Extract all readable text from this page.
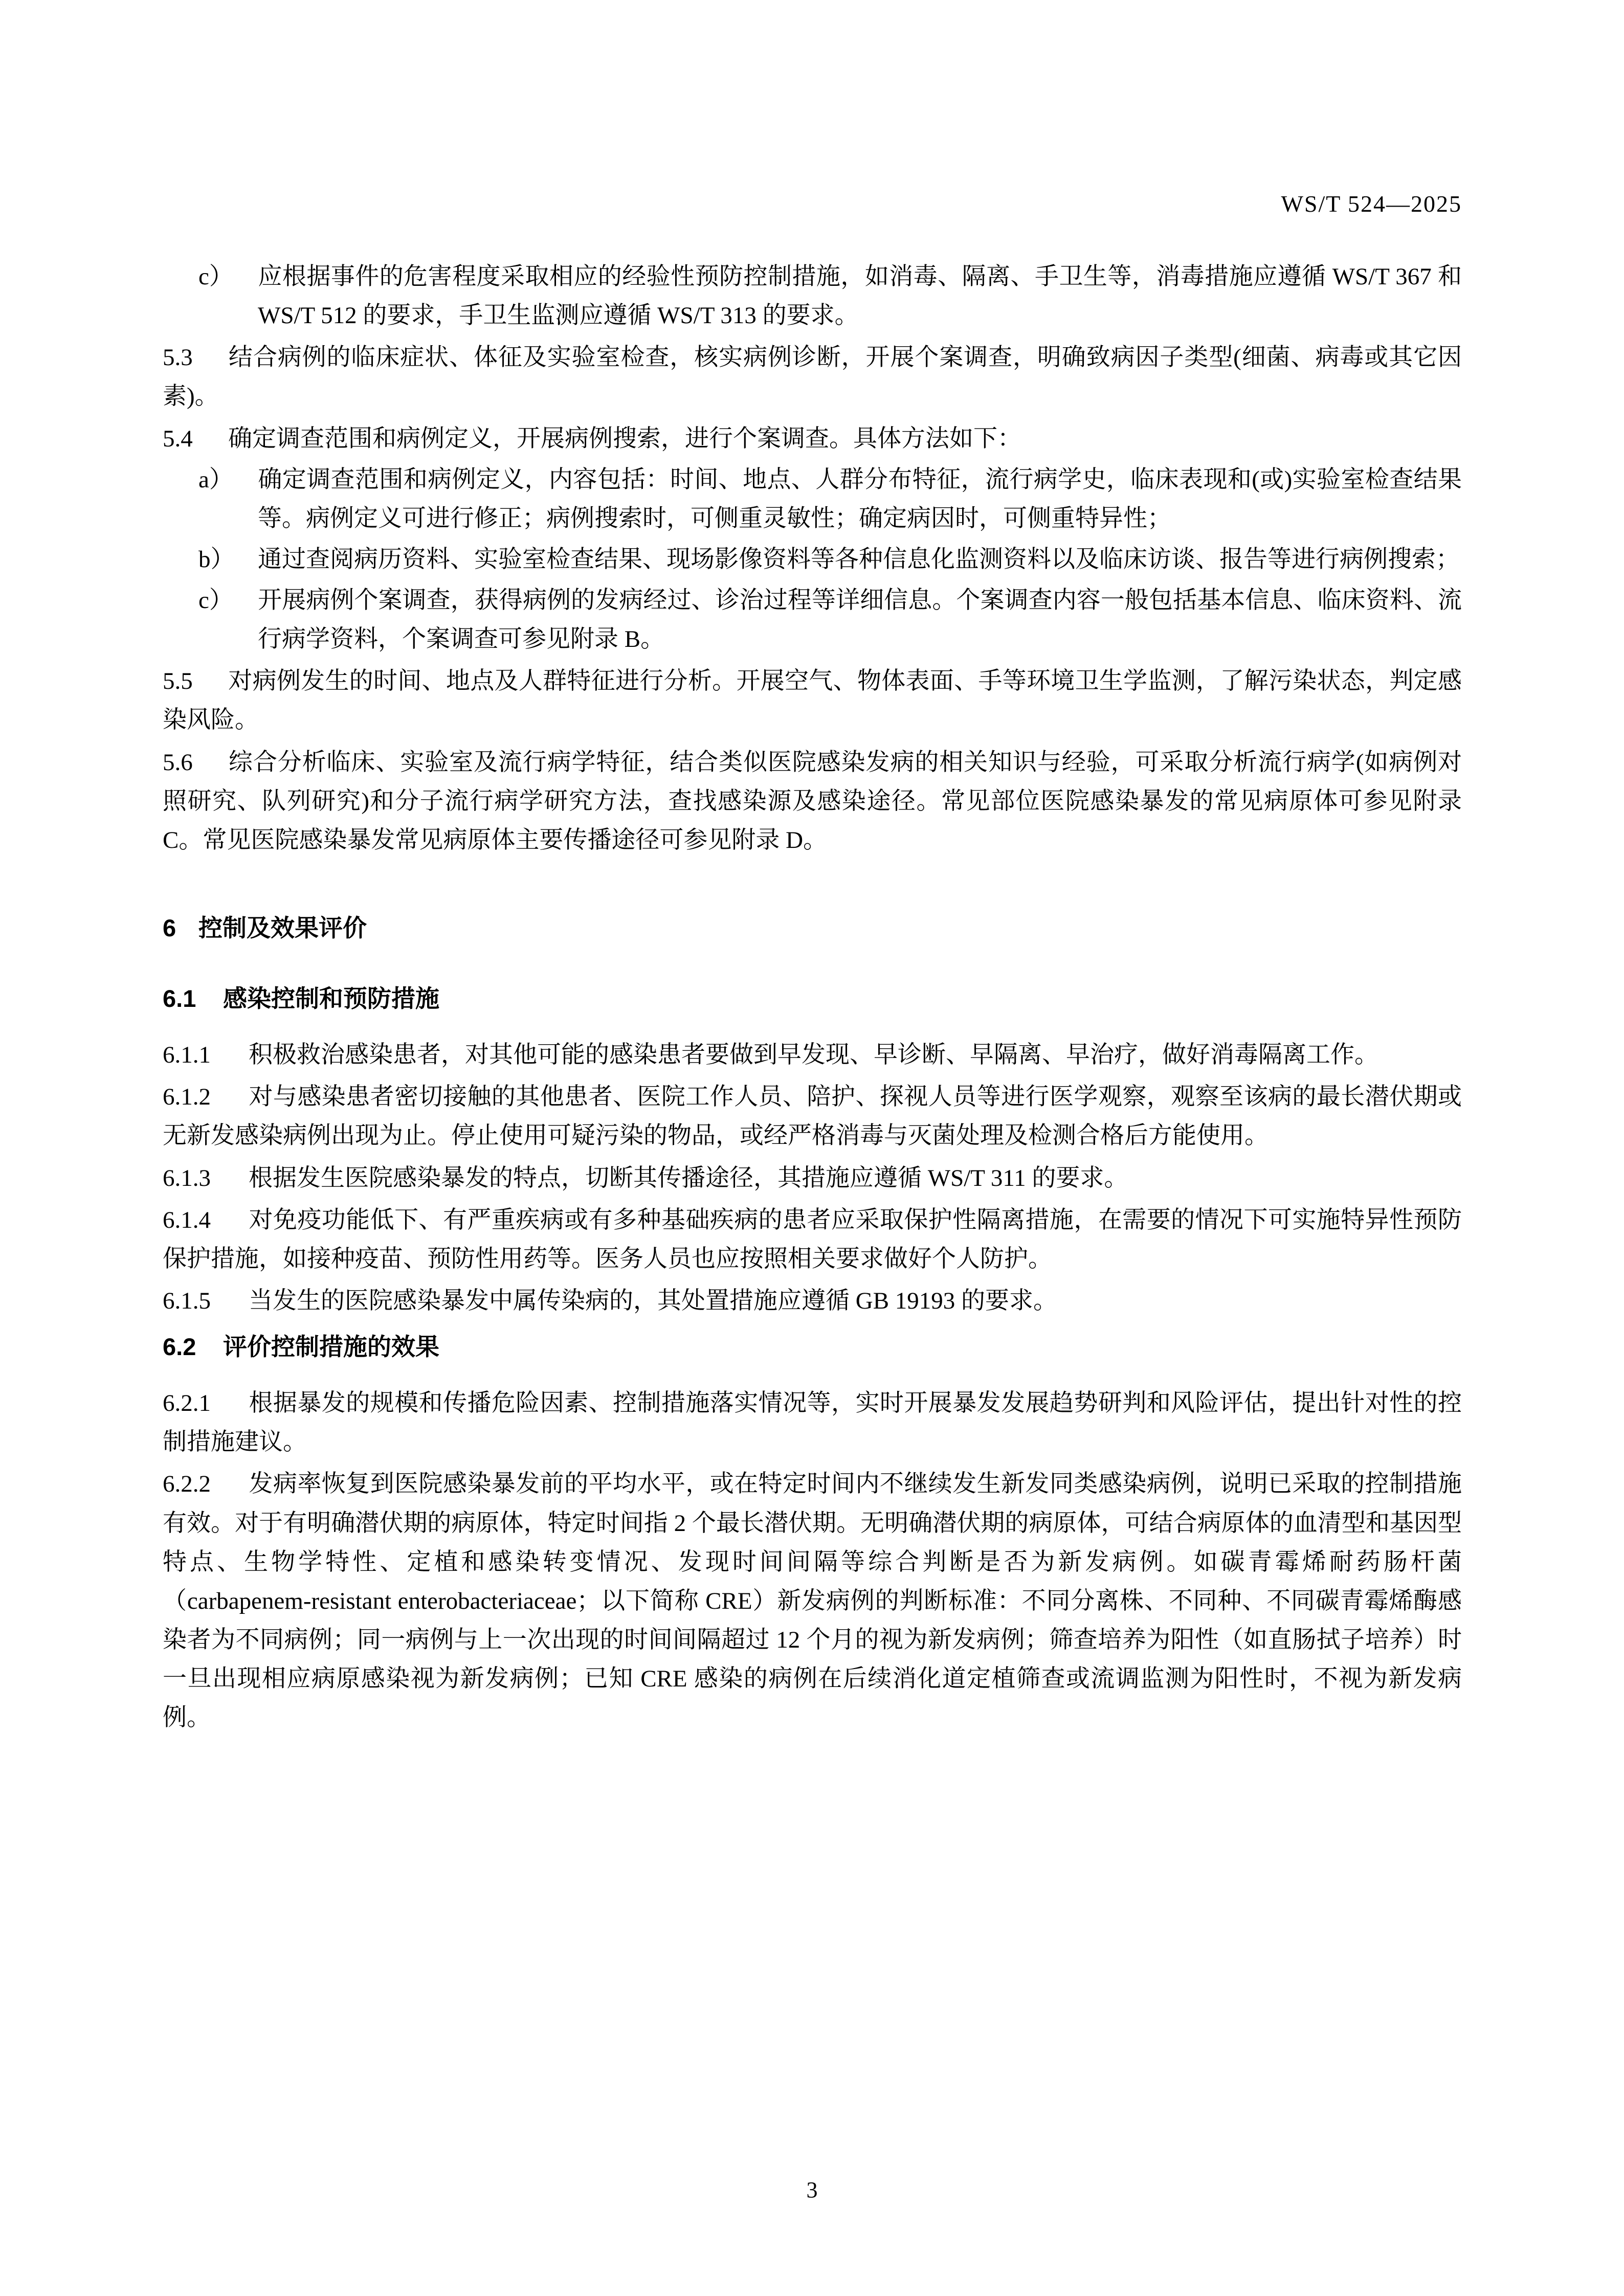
WS/T 524—2025

c） 应根据事件的危害程度采取相应的经验性预防控制措施，如消毒、隔离、手卫生等，消毒措施应遵循 WS/T 367 和 WS/T 512 的要求，手卫生监测应遵循 WS/T 313 的要求。

5.3 结合病例的临床症状、体征及实验室检查，核实病例诊断，开展个案调查，明确致病因子类型(细菌、病毒或其它因素)。

5.4 确定调查范围和病例定义，开展病例搜索，进行个案调查。具体方法如下：

a） 确定调查范围和病例定义，内容包括：时间、地点、人群分布特征，流行病学史，临床表现和(或)实验室检查结果等。病例定义可进行修正；病例搜索时，可侧重灵敏性；确定病因时，可侧重特异性；

b） 通过查阅病历资料、实验室检查结果、现场影像资料等各种信息化监测资料以及临床访谈、报告等进行病例搜索；

c） 开展病例个案调查，获得病例的发病经过、诊治过程等详细信息。个案调查内容一般包括基本信息、临床资料、流行病学资料，个案调查可参见附录 B。

5.5 对病例发生的时间、地点及人群特征进行分析。开展空气、物体表面、手等环境卫生学监测，了解污染状态，判定感染风险。

5.6 综合分析临床、实验室及流行病学特征，结合类似医院感染发病的相关知识与经验，可采取分析流行病学(如病例对照研究、队列研究)和分子流行病学研究方法，查找感染源及感染途径。常见部位医院感染暴发的常见病原体可参见附录 C。常见医院感染暴发常见病原体主要传播途径可参见附录 D。

6 控制及效果评价

6.1 感染控制和预防措施

6.1.1 积极救治感染患者，对其他可能的感染患者要做到早发现、早诊断、早隔离、早治疗，做好消毒隔离工作。

6.1.2 对与感染患者密切接触的其他患者、医院工作人员、陪护、探视人员等进行医学观察，观察至该病的最长潜伏期或无新发感染病例出现为止。停止使用可疑污染的物品，或经严格消毒与灭菌处理及检测合格后方能使用。

6.1.3 根据发生医院感染暴发的特点，切断其传播途径，其措施应遵循 WS/T 311 的要求。

6.1.4 对免疫功能低下、有严重疾病或有多种基础疾病的患者应采取保护性隔离措施，在需要的情况下可实施特异性预防保护措施，如接种疫苗、预防性用药等。医务人员也应按照相关要求做好个人防护。

6.1.5 当发生的医院感染暴发中属传染病的，其处置措施应遵循 GB 19193 的要求。

6.2 评价控制措施的效果

6.2.1 根据暴发的规模和传播危险因素、控制措施落实情况等，实时开展暴发发展趋势研判和风险评估，提出针对性的控制措施建议。

6.2.2 发病率恢复到医院感染暴发前的平均水平，或在特定时间内不继续发生新发同类感染病例，说明已采取的控制措施有效。对于有明确潜伏期的病原体，特定时间指 2 个最长潜伏期。无明确潜伏期的病原体，可结合病原体的血清型和基因型特点、生物学特性、定植和感染转变情况、发现时间间隔等综合判断是否为新发病例。如碳青霉烯耐药肠杆菌（carbapenem-resistant enterobacteriaceae；以下简称 CRE）新发病例的判断标准：不同分离株、不同种、不同碳青霉烯酶感染者为不同病例；同一病例与上一次出现的时间间隔超过 12 个月的视为新发病例；筛查培养为阳性（如直肠拭子培养）时一旦出现相应病原感染视为新发病例；已知 CRE 感染的病例在后续消化道定植筛查或流调监测为阳性时，不视为新发病例。

3
